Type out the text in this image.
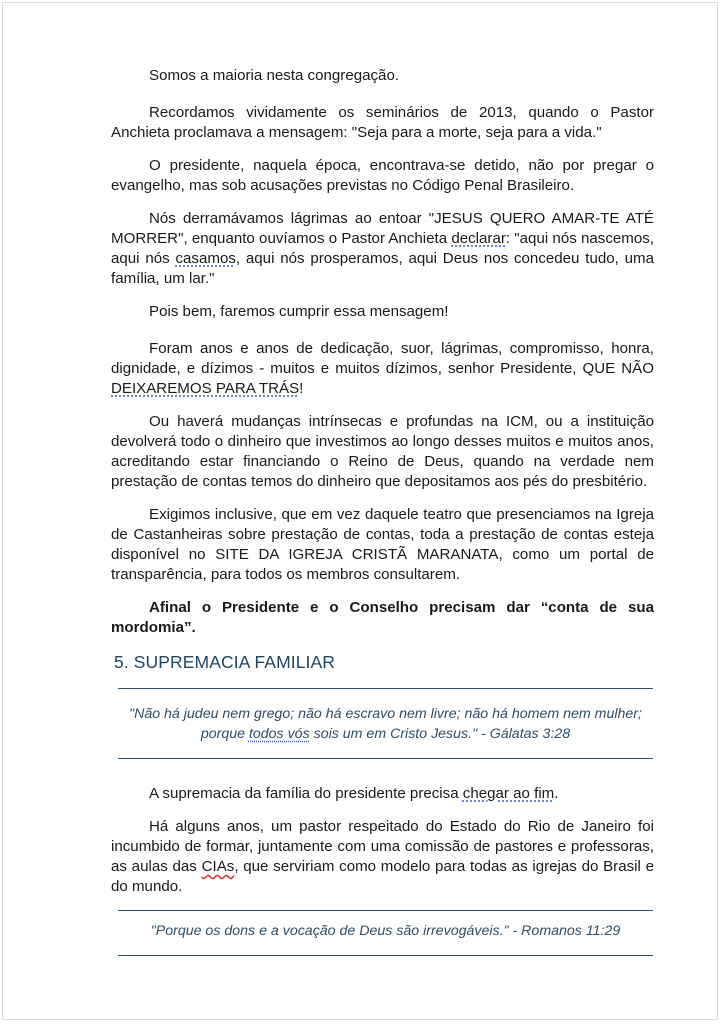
Somos a maioria nesta congregação.

Recordamos vividamente os seminários de 2013, quando o Pastor Anchieta proclamava a mensagem: "Seja para a morte, seja para a vida."

O presidente, naquela época, encontrava-se detido, não por pregar o evangelho, mas sob acusações previstas no Código Penal Brasileiro.

Nós derramávamos lágrimas ao entoar "JESUS QUERO AMAR-TE ATÉ MORRER", enquanto ouvíamos o Pastor Anchieta declarar: "aqui nós nascemos, aqui nós casamos, aqui nós prosperamos, aqui Deus nos concedeu tudo, uma família, um lar."

Pois bem, faremos cumprir essa mensagem!

Foram anos e anos de dedicação, suor, lágrimas, compromisso, honra, dignidade, e dízimos - muitos e muitos dízimos, senhor Presidente, QUE NÃO DEIXAREMOS PARA TRÁS!

Ou haverá mudanças intrínsecas e profundas na ICM, ou a instituição devolverá todo o dinheiro que investimos ao longo desses muitos e muitos anos, acreditando estar financiando o Reino de Deus, quando na verdade nem prestação de contas temos do dinheiro que depositamos aos pés do presbitério.

Exigimos inclusive, que em vez daquele teatro que presenciamos na Igreja de Castanheiras sobre prestação de contas, toda a prestação de contas esteja disponível no SITE DA IGREJA CRISTÃ MARANATA, como um portal de transparência, para todos os membros consultarem.

Afinal o Presidente e o Conselho precisam dar “conta de sua mordomia”.

5. SUPREMACIA FAMILIAR
"Não há judeu nem grego; não há escravo nem livre; não há homem nem mulher; porque todos vós sois um em Cristo Jesus." - Gálatas 3:28

A supremacia da família do presidente precisa chegar ao fim.

Há alguns anos, um pastor respeitado do Estado do Rio de Janeiro foi incumbido de formar, juntamente com uma comissão de pastores e professoras, as aulas das CIAs, que serviriam como modelo para todas as igrejas do Brasil e do mundo.

"Porque os dons e a vocação de Deus são irrevogáveis." - Romanos 11:29
